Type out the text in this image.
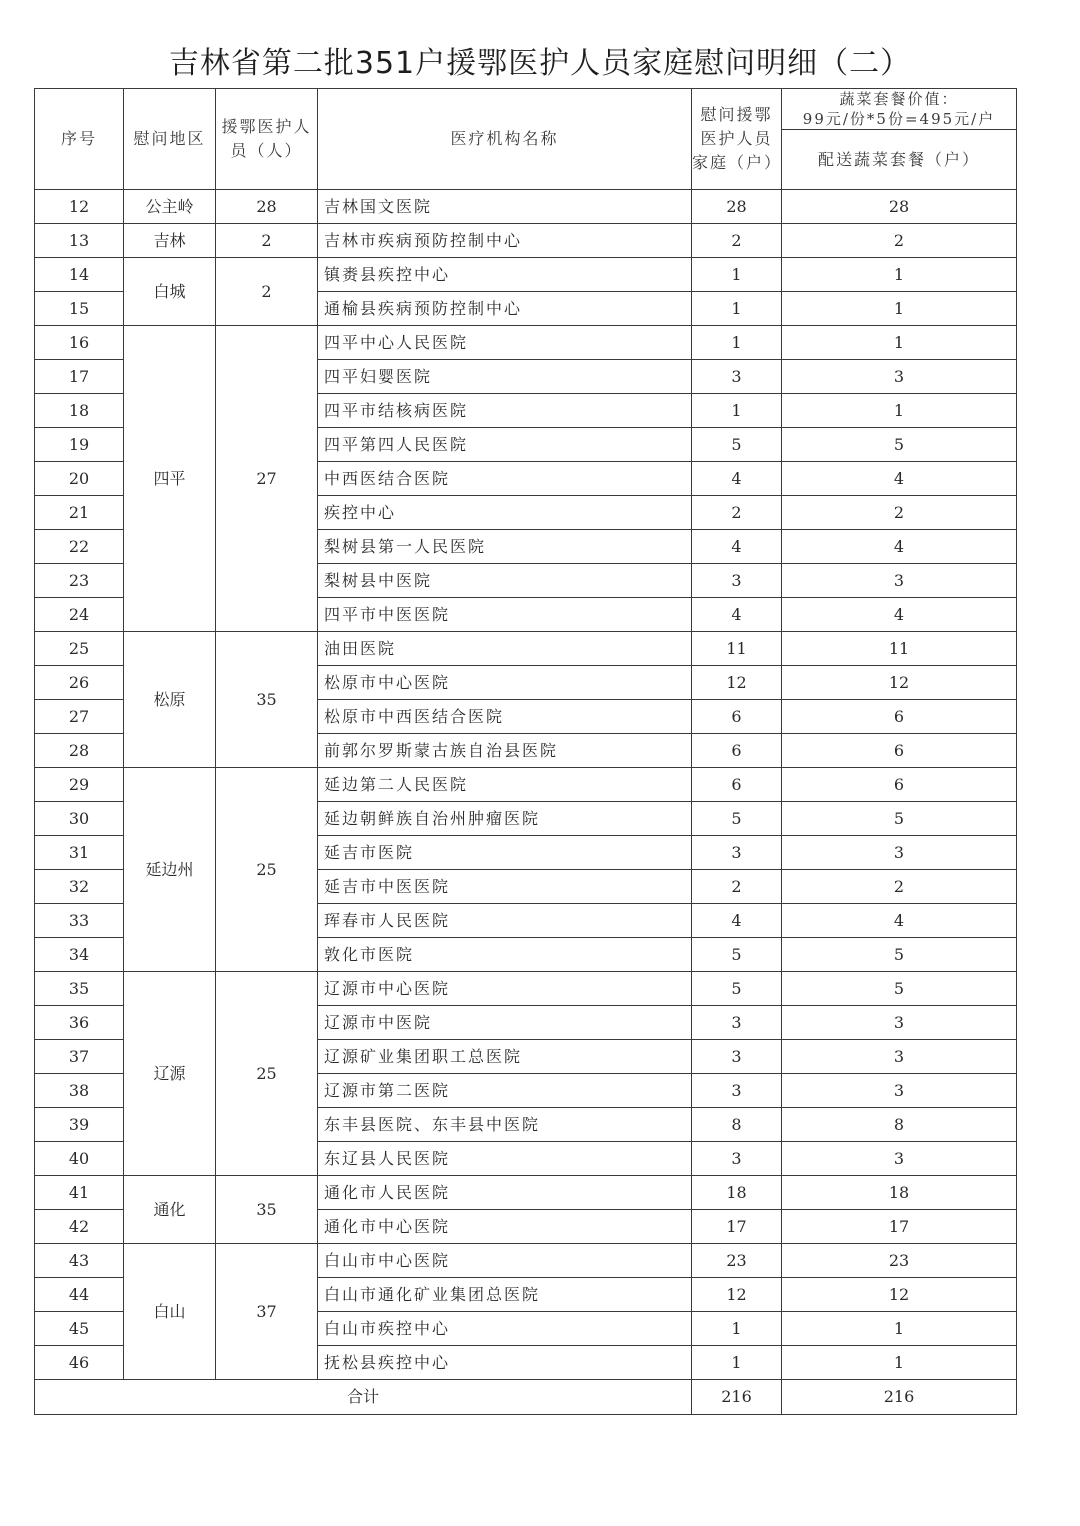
吉林省第二批351户援鄂医护人员家庭慰问明细（二）
序号	慰问地区	援鄂医护人员（人）	医疗机构名称	慰问援鄂医护人员家庭（户）	蔬菜套餐价值：
99元/份*5份=495元/户

					配送蔬菜套餐（户）
12	公主岭	28	吉林国文医院	28	28
13	吉林	2	吉林市疾病预防控制中心	2	2
14	白城	2	镇赉县疾控中心	1	1
15			通榆县疾病预防控制中心	1	1
16	四平	27	四平中心人民医院	1	1
17			四平妇婴医院	3	3
18			四平市结核病医院	1	1
19			四平第四人民医院	5	5
20			中西医结合医院	4	4
21			疾控中心	2	2
22			梨树县第一人民医院	4	4
23			梨树县中医院	3	3
24			四平市中医医院	4	4
25	松原	35	油田医院	11	11
26			松原市中心医院	12	12
27			松原市中西医结合医院	6	6
28			前郭尔罗斯蒙古族自治县医院	6	6
29	延边州	25	延边第二人民医院	6	6
30			延边朝鲜族自治州肿瘤医院	5	5
31			延吉市医院	3	3
32			延吉市中医医院	2	2
33			珲春市人民医院	4	4
34			敦化市医院	5	5
35	辽源	25	辽源市中心医院	5	5
36			辽源市中医院	3	3
37			辽源矿业集团职工总医院	3	3
38			辽源市第二医院	3	3
39			东丰县医院、东丰县中医院	8	8
40			东辽县人民医院	3	3
41	通化	35	通化市人民医院	18	18
42			通化市中心医院	17	17
43	白山	37	白山市中心医院	23	23
44			白山市通化矿业集团总医院	12	12
45			白山市疾控中心	1	1
46			抚松县疾控中心	1	1
合计				216	216
